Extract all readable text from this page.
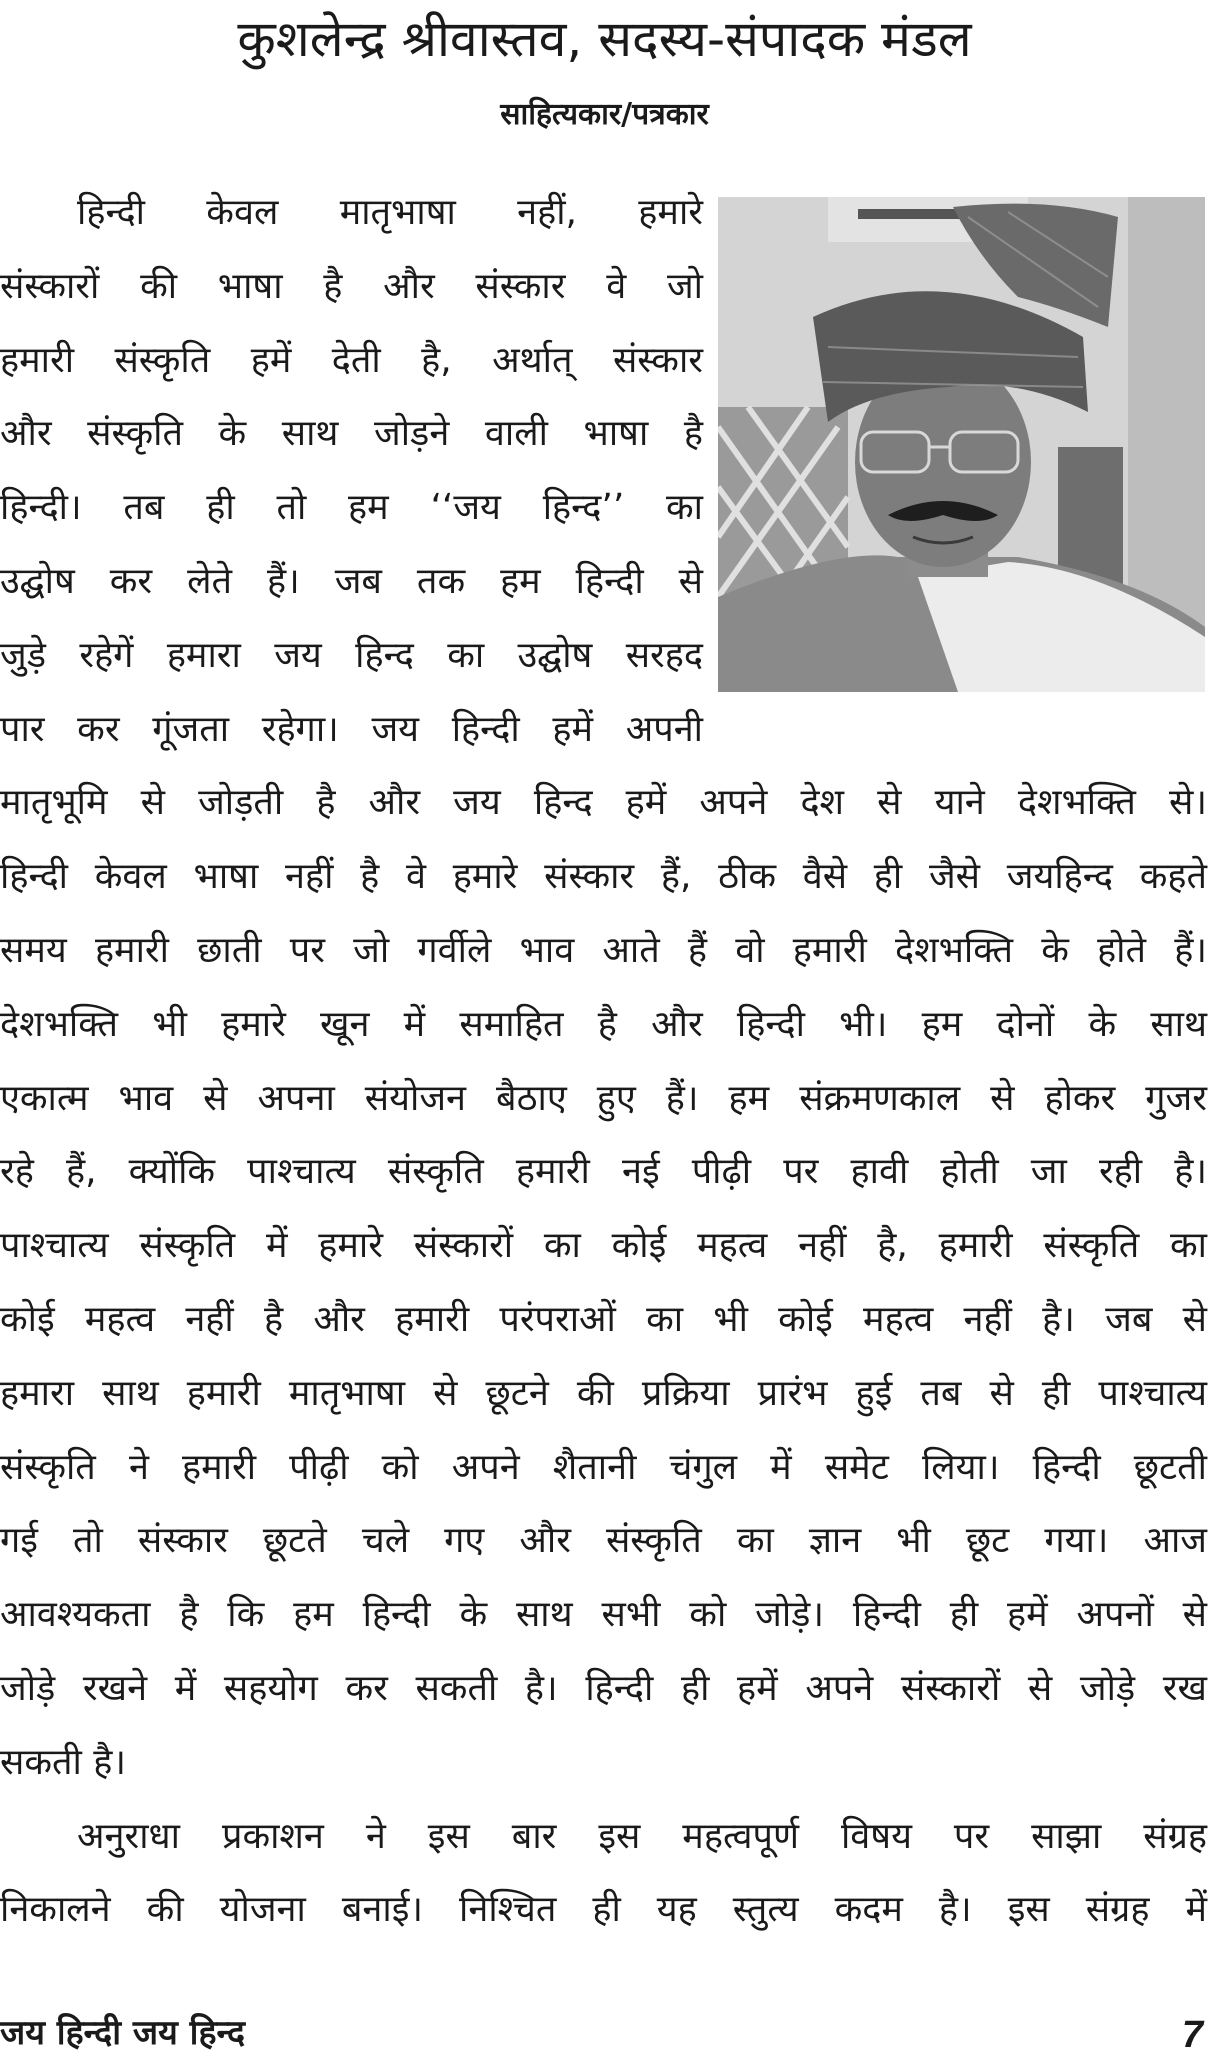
कुशलेन्द्र श्रीवास्तव, सदस्य-संपादक मंडल
साहित्यकार/पत्रकार
हिन्दी केवल मातृभाषा नहीं, हमारे
संस्कारों की भाषा है और संस्कार वे जो
हमारी संस्कृति हमें देती है, अर्थात् संस्कार
और संस्कृति के साथ जोड़ने वाली भाषा है
हिन्दी। तब ही तो हम ‘‘जय हिन्द’’ का
उद्घोष कर लेते हैं। जब तक हम हिन्दी से
जुड़े रहेगें हमारा जय हिन्द का उद्घोष सरहद
पार कर गूंजता रहेगा। जय हिन्दी हमें अपनी
मातृभूमि से जोड़ती है और जय हिन्द हमें अपने देश से याने देशभक्ति से।
हिन्दी केवल भाषा नहीं है वे हमारे संस्कार हैं, ठीक वैसे ही जैसे जयहिन्द कहते
समय हमारी छाती पर जो गर्वीले भाव आते हैं वो हमारी देशभक्ति के होते हैं।
देशभक्ति भी हमारे खून में समाहित है और हिन्दी भी। हम दोनों के साथ
एकात्म भाव से अपना संयोजन बैठाए हुए हैं। हम संक्रमणकाल से होकर गुजर
रहे हैं, क्योंकि पाश्चात्य संस्कृति हमारी नई पीढ़ी पर हावी होती जा रही है।
पाश्चात्य संस्कृति में हमारे संस्कारों का कोई महत्व नहीं है, हमारी संस्कृति का
कोई महत्व नहीं है और हमारी परंपराओं का भी कोई महत्व नहीं है। जब से
हमारा साथ हमारी मातृभाषा से छूटने की प्रक्रिया प्रारंभ हुई तब से ही पाश्चात्य
संस्कृति ने हमारी पीढ़ी को अपने शैतानी चंगुल में समेट लिया। हिन्दी छूटती
गई तो संस्कार छूटते चले गए और संस्कृति का ज्ञान भी छूट गया। आज
आवश्यकता है कि हम हिन्दी के साथ सभी को जोड़े। हिन्दी ही हमें अपनों से
जोड़े रखने में सहयोग कर सकती है। हिन्दी ही हमें अपने संस्कारों से जोड़े रख
सकती है।
अनुराधा प्रकाशन ने इस बार इस महत्वपूर्ण विषय पर साझा संग्रह
निकालने की योजना बनाई। निश्चित ही यह स्तुत्य कदम है। इस संग्रह में
जय हिन्दी जय हिन्द	7
